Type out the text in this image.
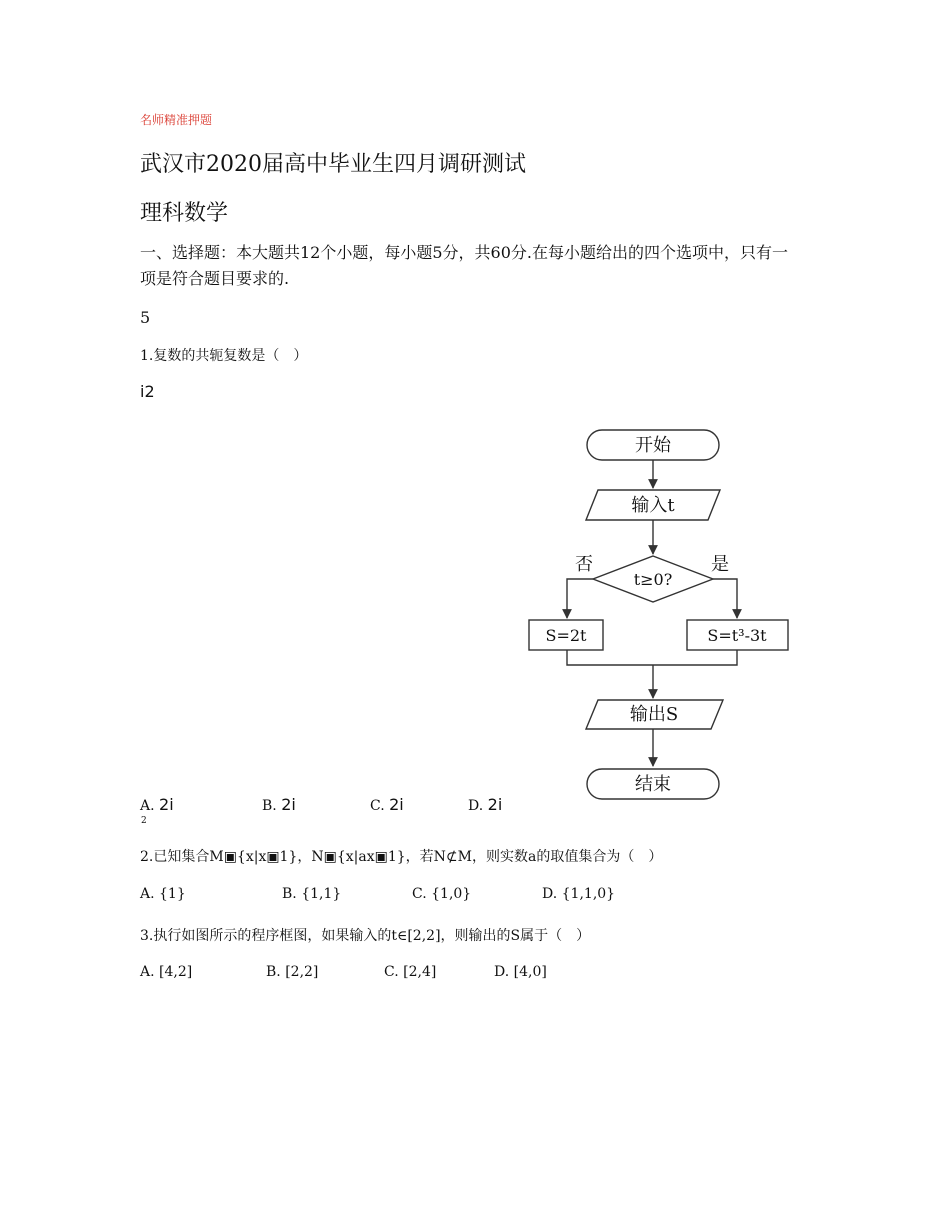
名师精准押题
武汉市2020届高中毕业生四月调研测试
理科数学
一、选择题：本大题共12个小题，每小题5分，共60分.在每小题给出的四个选项中，只有一项是符合题目要求的.
5
1.复数的共轭复数是（　）
i2
A. 2i	B. 2i	C. 2i	D. 2i
2
2.已知集合M▣{x|x▣1}，N▣{x|ax▣1}，若N⊄M，则实数a的取值集合为（　）
A. {1}	B. {1,1}	C. {1,0}	D. {1,1,0}
3.执行如图所示的程序框图，如果输入的t∈[2,2]，则输出的S属于（　）
A. [4,2]	B. [2,2]	C. [2,4]	D. [4,0]
开始
输入t
t≥0?
否	是
S=2t	S=t³-3t
输出S
结束
